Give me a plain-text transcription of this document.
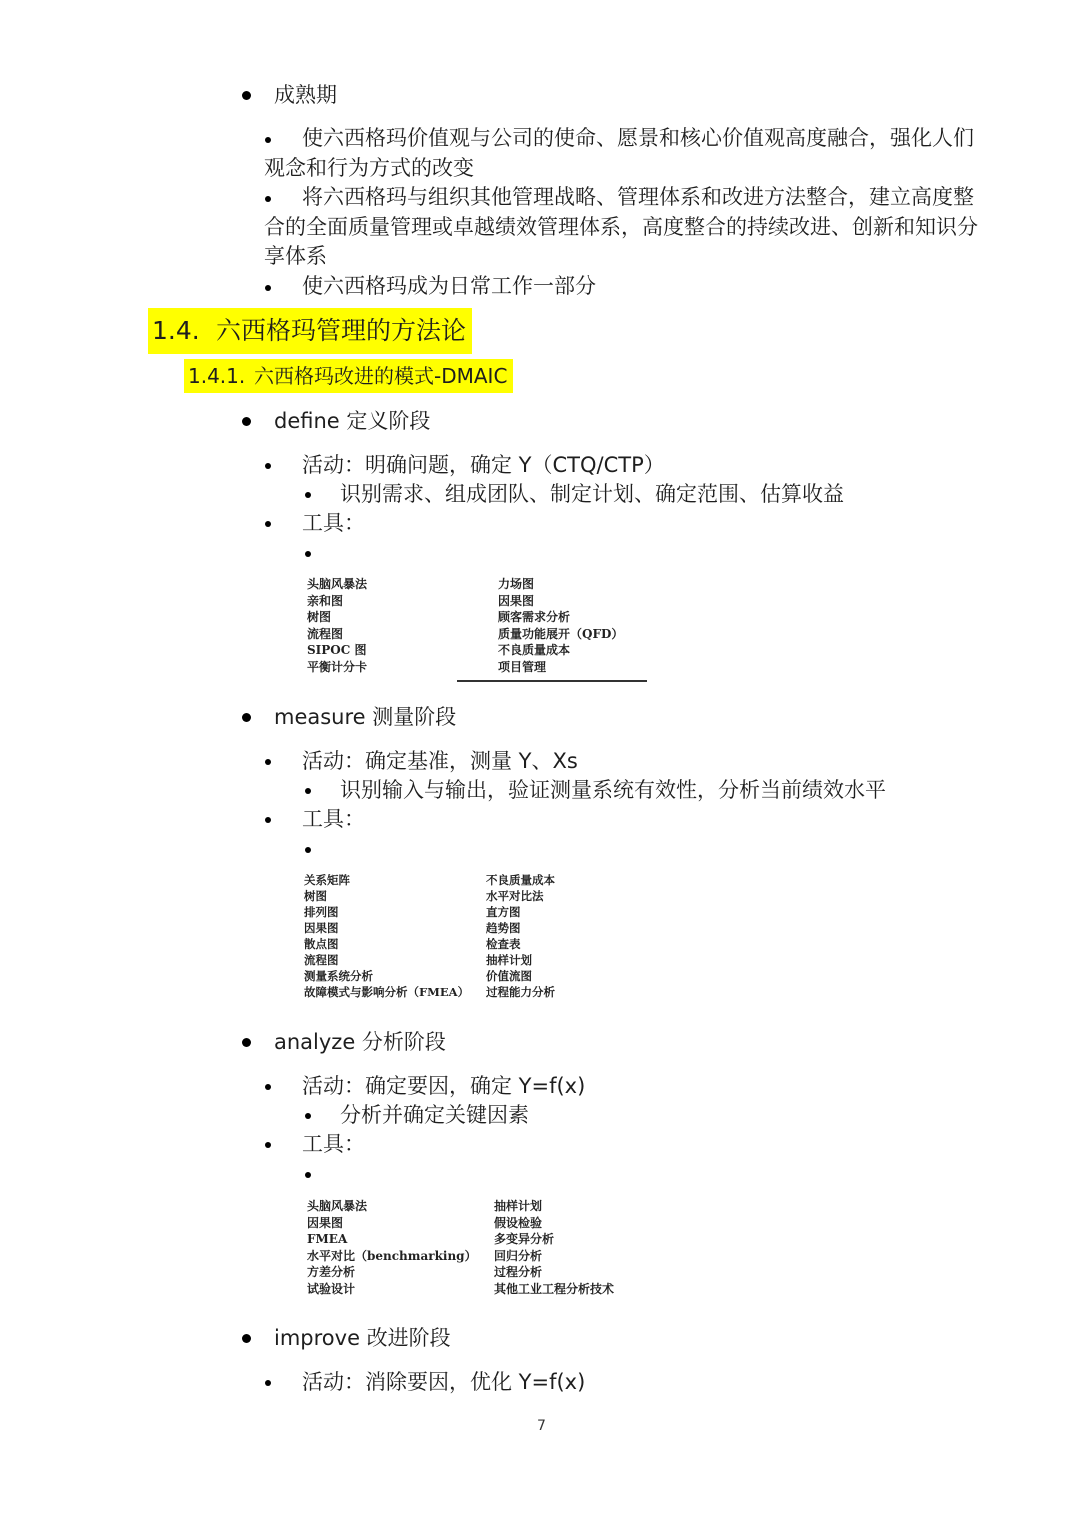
成熟期
使六西格玛价值观与公司的使命、愿景和核心价值观高度融合，强化人们观念和行为方式的改变
将六西格玛与组织其他管理战略、管理体系和改进方法整合，建立高度整合的全面质量管理或卓越绩效管理体系，高度整合的持续改进、创新和知识分享体系
使六西格玛成为日常工作一部分
1.4. 六西格玛管理的方法论
1.4.1. 六西格玛改进的模式-DMAIC
define 定义阶段
活动：明确问题，确定 Y（CTQ/CTP）
识别需求、组成团队、制定计划、确定范围、估算收益
工具：
头脑风暴法
亲和图
树图
流程图
SIPOC 图
平衡计分卡
力场图
因果图
顾客需求分析
质量功能展开（QFD）
不良质量成本
项目管理
measure 测量阶段
活动：确定基准，测量 Y、Xs
识别输入与输出，验证测量系统有效性，分析当前绩效水平
工具：
关系矩阵
树图
排列图
因果图
散点图
流程图
测量系统分析
故障模式与影响分析（FMEA）
不良质量成本
水平对比法
直方图
趋势图
检查表
抽样计划
价值流图
过程能力分析
analyze 分析阶段
活动：确定要因，确定 Y=f(x)
分析并确定关键因素
工具：
头脑风暴法
因果图
FMEA
水平对比（benchmarking）
方差分析
试验设计
抽样计划
假设检验
多变异分析
回归分析
过程分析
其他工业工程分析技术
improve 改进阶段
活动：消除要因，优化 Y=f(x)
7
